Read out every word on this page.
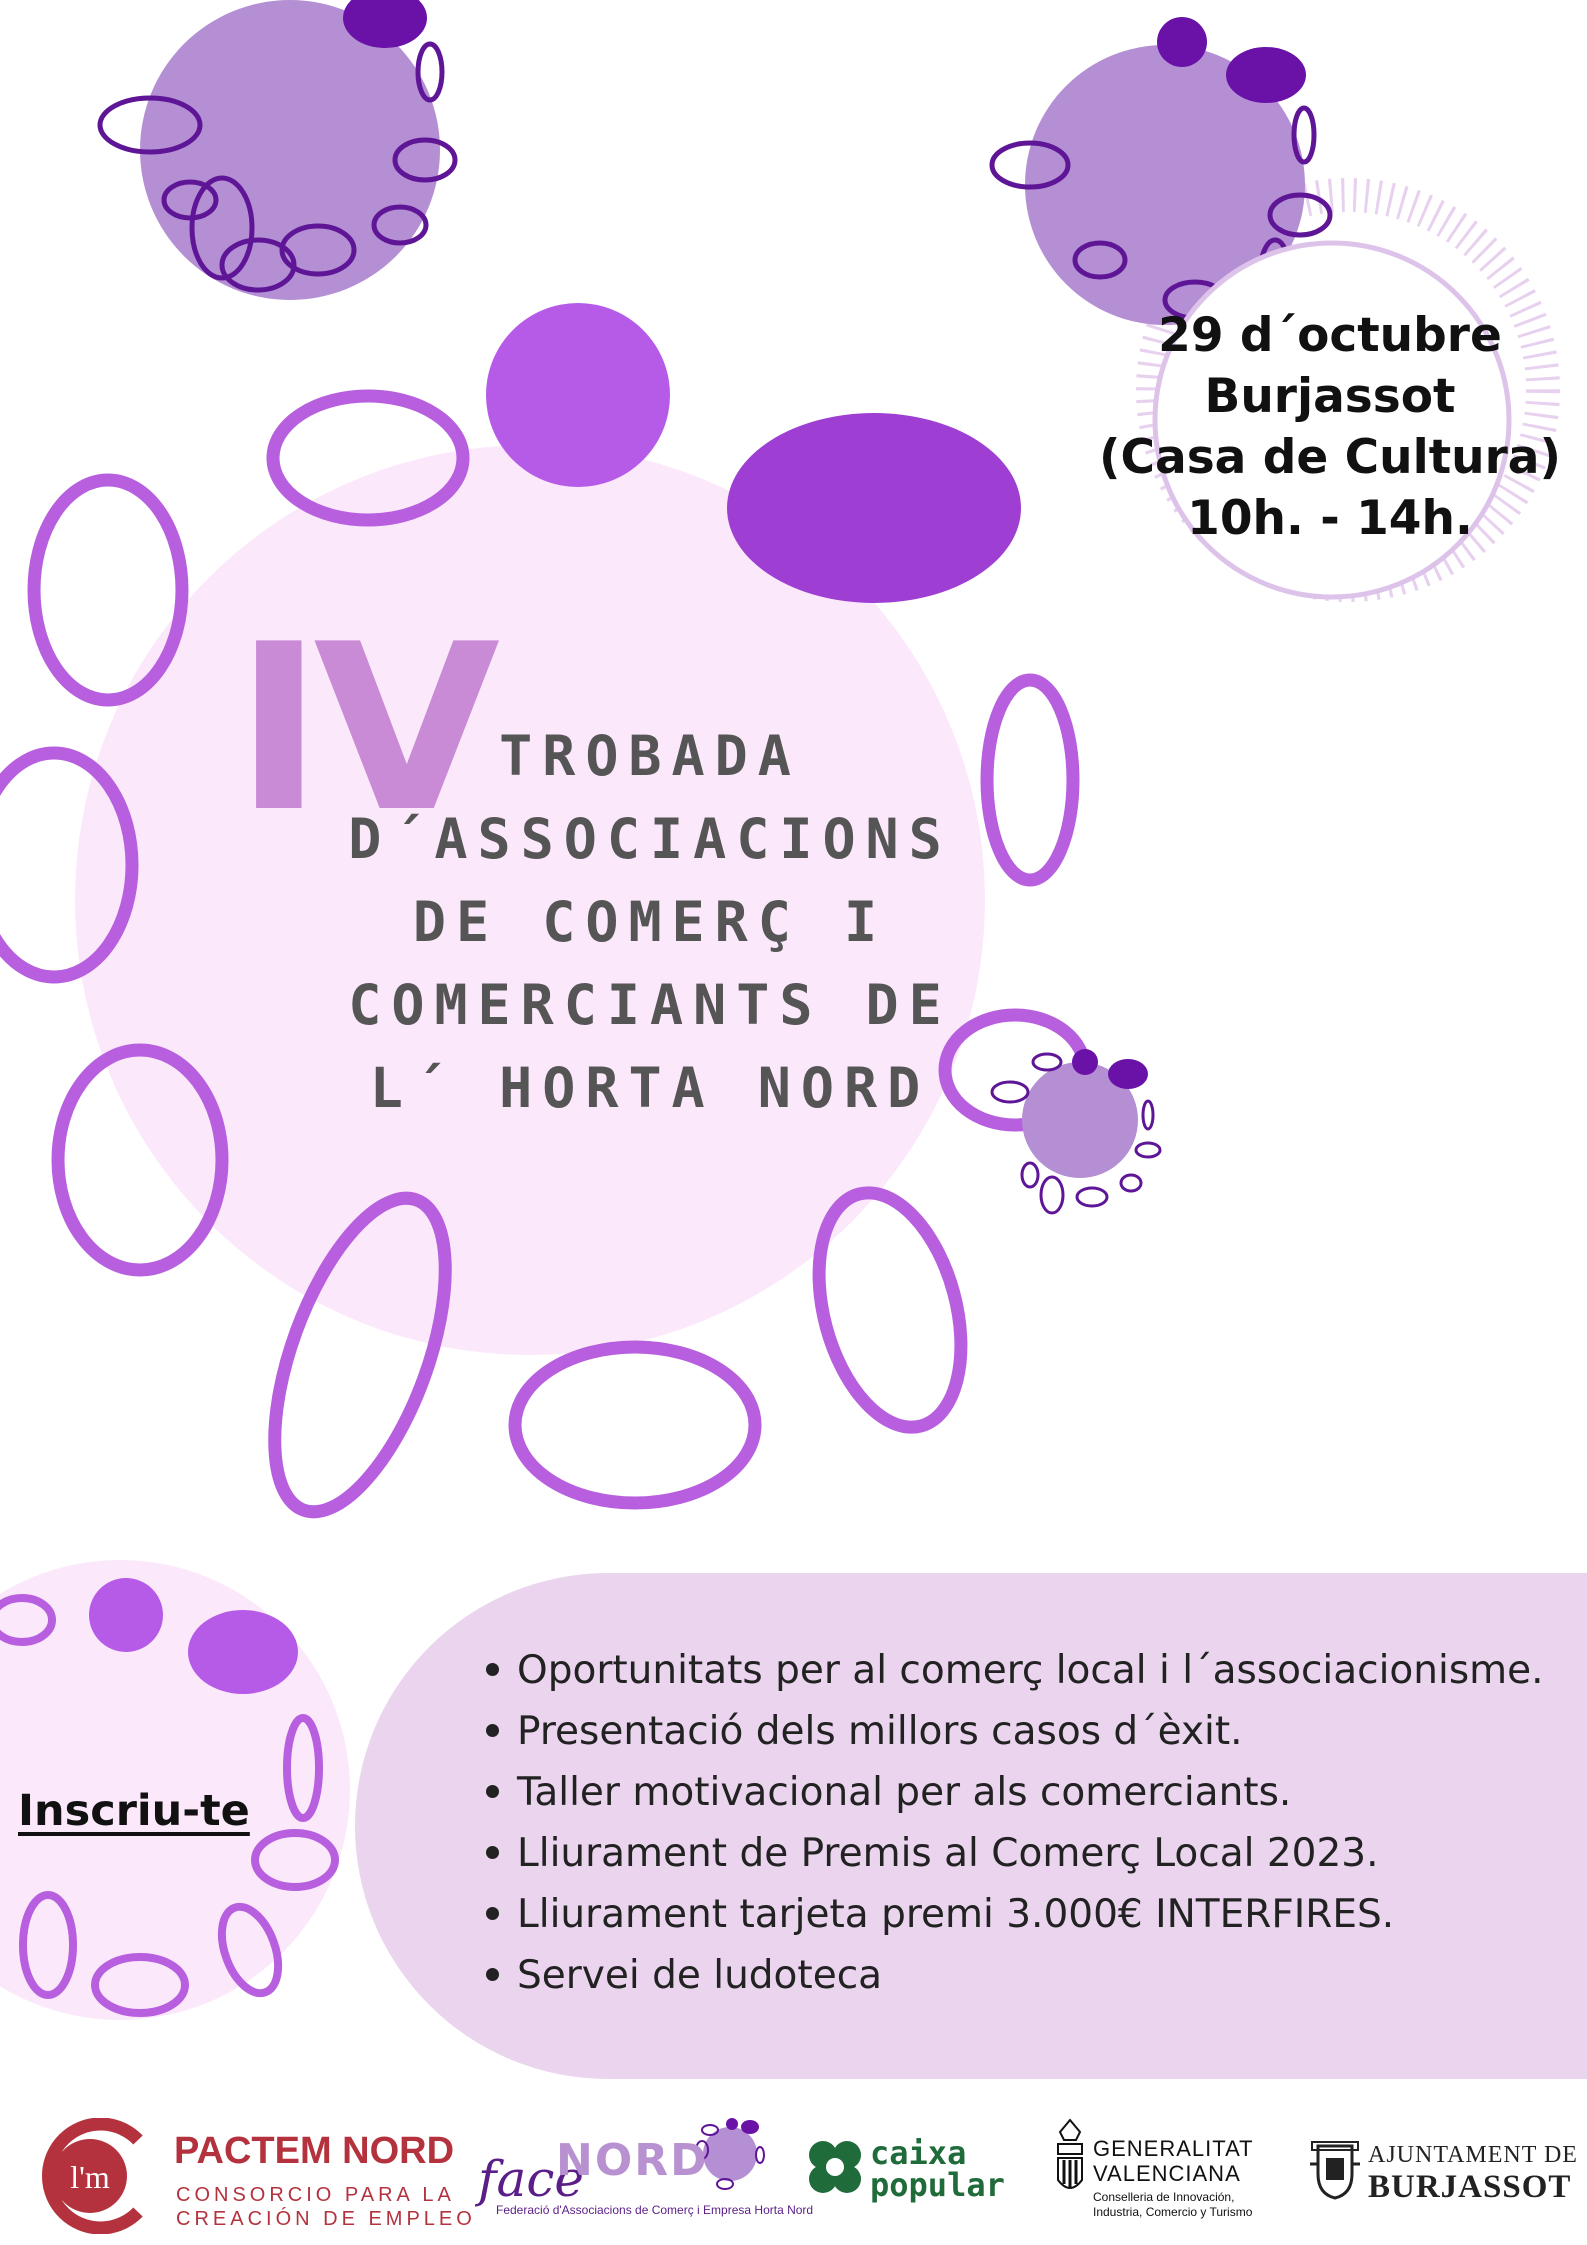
29 d´octubre
Burjassot
(Casa de Cultura)
10h. - 14h.
IV TROBADA
D´ASSOCIACIONS
DE COMERÇ I
COMERCIANTS DE
L´ HORTA NORD
Oportunitats per al comerç local i l´associacionisme.
Presentació dels millors casos d´èxit.
Taller motivacional per als comerciants.
Lliurament de Premis al Comerç Local 2023.
Lliurament tarjeta premi 3.000€ INTERFIRES.
Servei de ludoteca
Inscriu-te
l'm
PACTEM NORD
CONSORCIO PARA LA
CREACIÓN DE EMPLEO
face
NORD
Federació d'Associacions de Comerç i Empresa Horta Nord
caixa
popular
GENERALITAT
VALENCIANA
Conselleria de Innovación,
Industria, Comercio y Turismo
AJUNTAMENT DE
BURJASSOT
